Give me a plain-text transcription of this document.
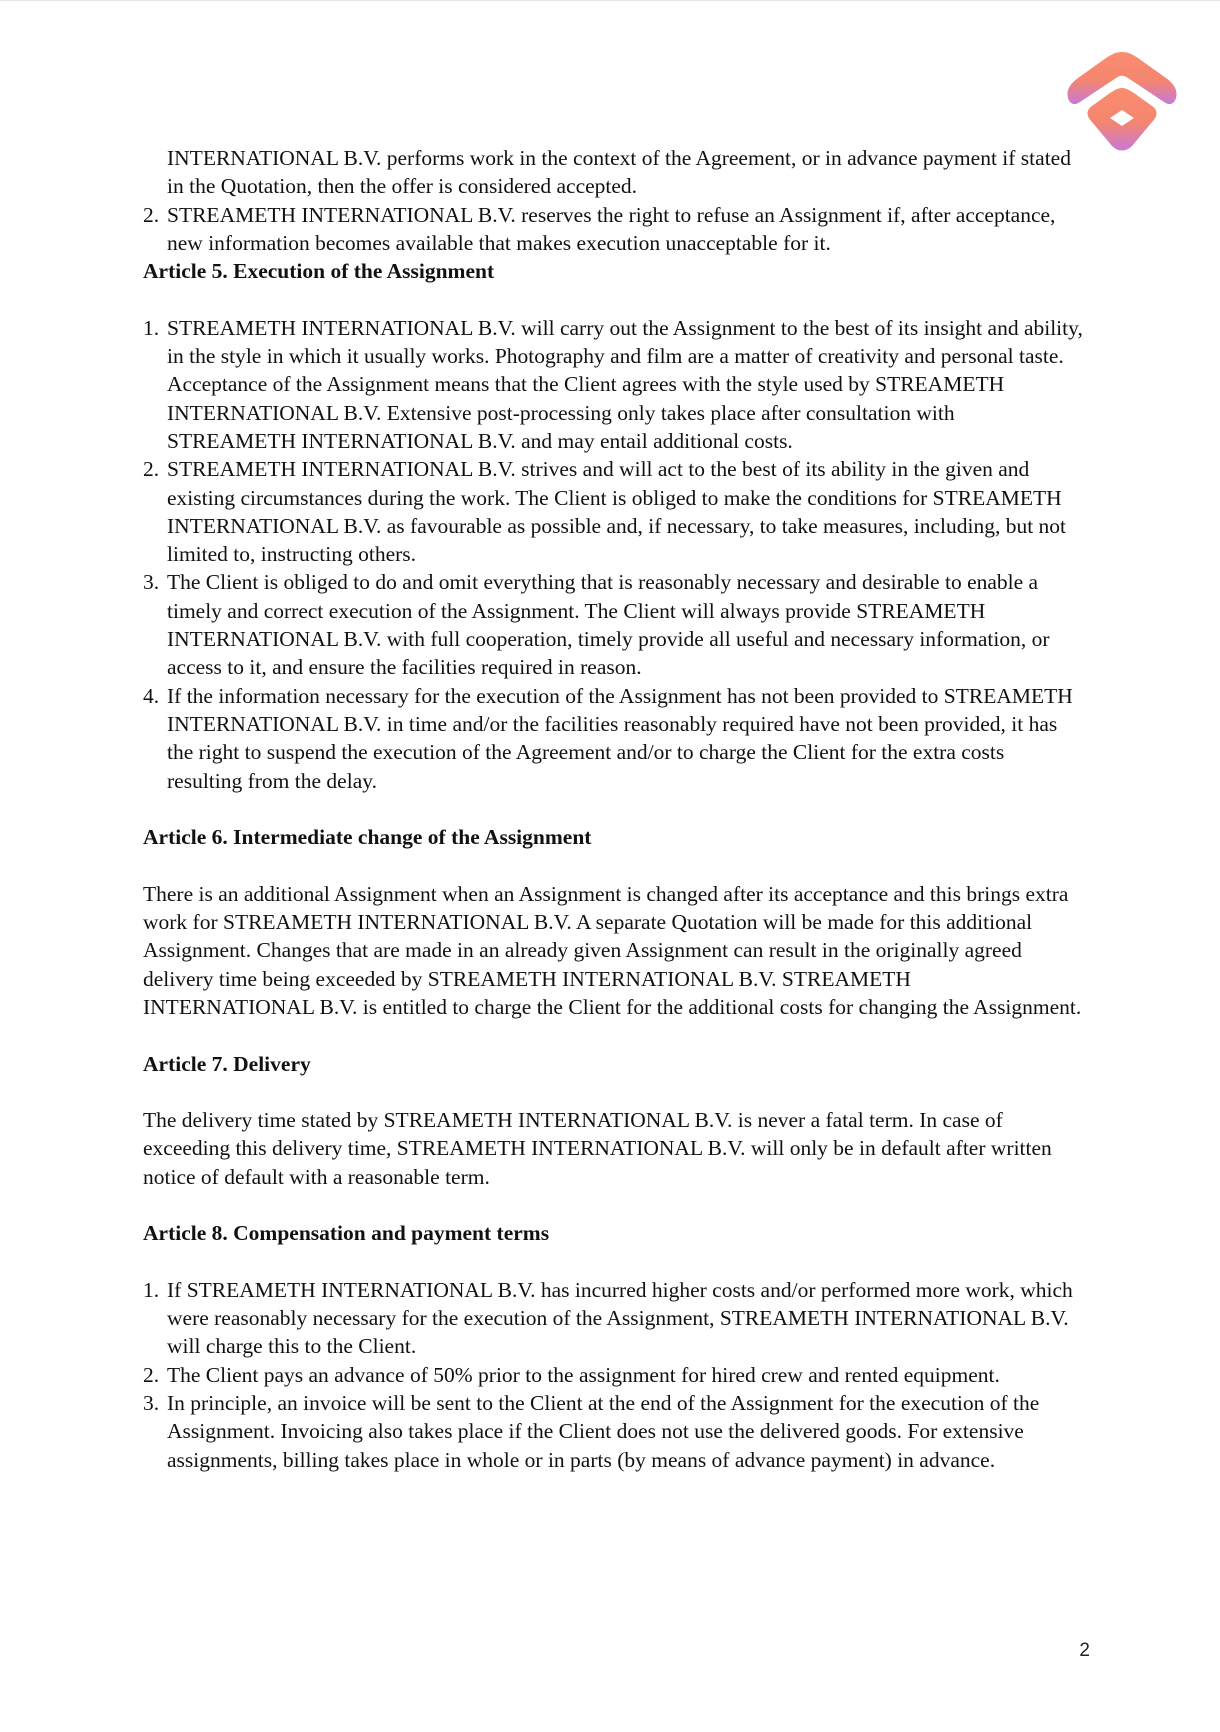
INTERNATIONAL B.V. performs work in the context of the Agreement, or in advance payment if stated in the Quotation, then the offer is considered accepted.
2. STREAMETH INTERNATIONAL B.V. reserves the right to refuse an Assignment if, after acceptance, new information becomes available that makes execution unacceptable for it.

Article 5. Execution of the Assignment

1. STREAMETH INTERNATIONAL B.V. will carry out the Assignment to the best of its insight and ability, in the style in which it usually works. Photography and film are a matter of creativity and personal taste. Acceptance of the Assignment means that the Client agrees with the style used by STREAMETH INTERNATIONAL B.V. Extensive post-processing only takes place after consultation with STREAMETH INTERNATIONAL B.V. and may entail additional costs.
2. STREAMETH INTERNATIONAL B.V. strives and will act to the best of its ability in the given and existing circumstances during the work. The Client is obliged to make the conditions for STREAMETH INTERNATIONAL B.V. as favourable as possible and, if necessary, to take measures, including, but not limited to, instructing others.
3. The Client is obliged to do and omit everything that is reasonably necessary and desirable to enable a timely and correct execution of the Assignment. The Client will always provide STREAMETH INTERNATIONAL B.V. with full cooperation, timely provide all useful and necessary information, or access to it, and ensure the facilities required in reason.
4. If the information necessary for the execution of the Assignment has not been provided to STREAMETH INTERNATIONAL B.V. in time and/or the facilities reasonably required have not been provided, it has the right to suspend the execution of the Agreement and/or to charge the Client for the extra costs resulting from the delay.

Article 6. Intermediate change of the Assignment

There is an additional Assignment when an Assignment is changed after its acceptance and this brings extra work for STREAMETH INTERNATIONAL B.V. A separate Quotation will be made for this additional Assignment. Changes that are made in an already given Assignment can result in the originally agreed delivery time being exceeded by STREAMETH INTERNATIONAL B.V. STREAMETH INTERNATIONAL B.V. is entitled to charge the Client for the additional costs for changing the Assignment.

Article 7. Delivery

The delivery time stated by STREAMETH INTERNATIONAL B.V. is never a fatal term. In case of exceeding this delivery time, STREAMETH INTERNATIONAL B.V. will only be in default after written notice of default with a reasonable term.

Article 8. Compensation and payment terms

1. If STREAMETH INTERNATIONAL B.V. has incurred higher costs and/or performed more work, which were reasonably necessary for the execution of the Assignment, STREAMETH INTERNATIONAL B.V. will charge this to the Client.
2. The Client pays an advance of 50% prior to the assignment for hired crew and rented equipment.
3. In principle, an invoice will be sent to the Client at the end of the Assignment for the execution of the Assignment. Invoicing also takes place if the Client does not use the delivered goods. For extensive assignments, billing takes place in whole or in parts (by means of advance payment) in advance.
2
